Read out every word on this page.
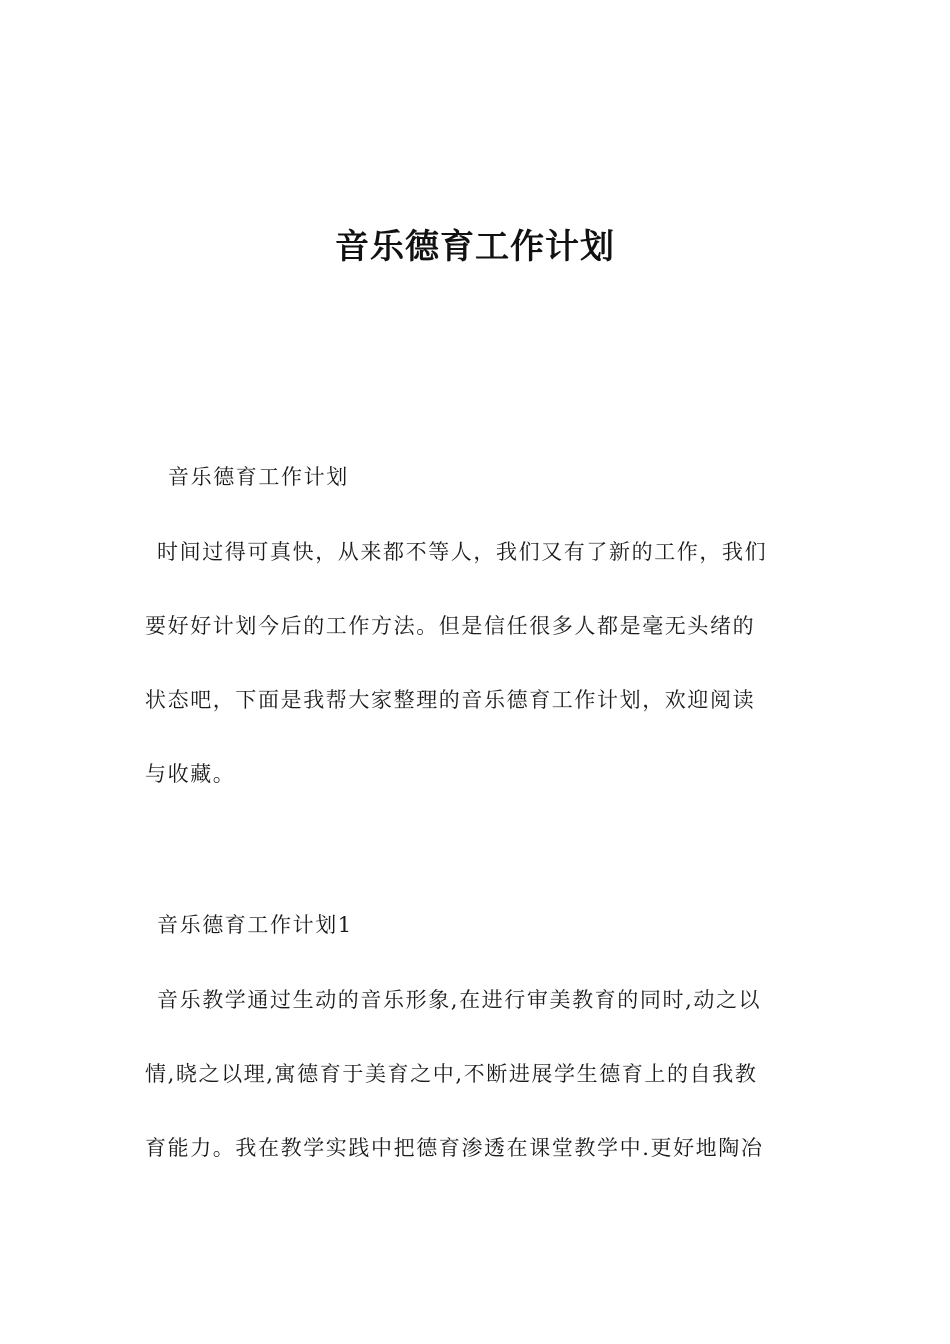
音乐德育工作计划
音乐德育工作计划
时间过得可真快，从来都不等人，我们又有了新的工作，我们
要好好计划今后的工作方法。但是信任很多人都是毫无头绪的
状态吧，下面是我帮大家整理的音乐德育工作计划，欢迎阅读
与收藏。
音乐德育工作计划1
音乐教学通过生动的音乐形象,在进行审美教育的同时,动之以
情,晓之以理,寓德育于美育之中,不断进展学生德育上的自我教
育能力。我在教学实践中把德育渗透在课堂教学中.更好地陶冶
